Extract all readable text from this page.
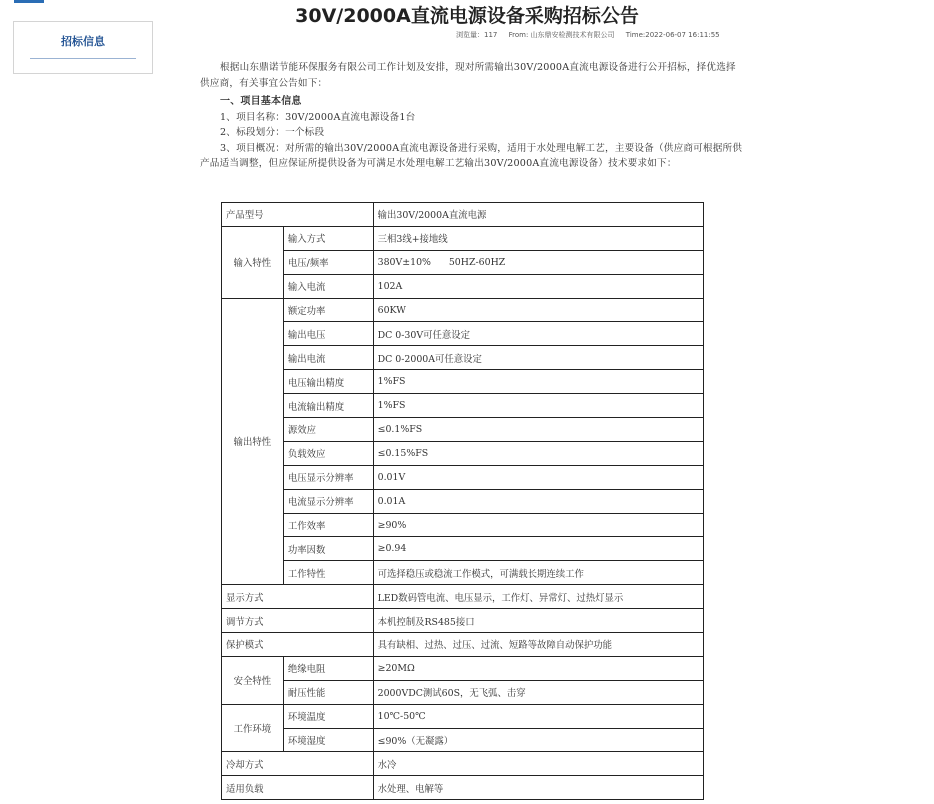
招标信息
30V/2000A直流电源设备采购招标公告
浏览量：117 From: 山东鼎安检测技术有限公司 Time:2022-06-07 16:11:55

根据山东鼎诺节能环保服务有限公司工作计划及安排，现对所需输出30V/2000A直流电源设备进行公开招标，择优选择供应商，有关事宜公告如下：

一、项目基本信息

1、项目名称：30V/2000A直流电源设备1台

2、标段划分：一个标段

3、项目概况：对所需的输出30V/2000A直流电源设备进行采购，适用于水处理电解工艺，主要设备（供应商可根据所供产品适当调整，但应保证所提供设备为可满足水处理电解工艺输出30V/2000A直流电源设备）技术要求如下：

产品型号		输出30V/2000A直流电源
输入特性	输入方式	三相3线+接地线
	电压/频率	380V±10%      50HZ-60HZ
	输入电流	102A
输出特性	额定功率	60KW
	输出电压	DC 0-30V可任意设定
	输出电流	DC 0-2000A可任意设定
	电压输出精度	1%FS
	电流输出精度	1%FS
	源效应	≤0.1%FS
	负载效应	≤0.15%FS
	电压显示分辨率	0.01V
	电流显示分辨率	0.01A
	工作效率	≥90%
	功率因数	≥0.94
	工作特性	可选择稳压或稳流工作模式，可满载长期连续工作
显示方式		LED数码管电流、电压显示，工作灯、异常灯、过热灯显示
调节方式		本机控制及RS485接口
保护模式		具有缺相、过热、过压、过流、短路等故障自动保护功能
安全特性	绝缘电阻	≥20MΩ
	耐压性能	2000VDC测试60S，无飞弧、击穿
工作环境	环境温度	10℃-50℃
	环境湿度	≤90%（无凝露）
冷却方式		水冷
适用负载		水处理、电解等
